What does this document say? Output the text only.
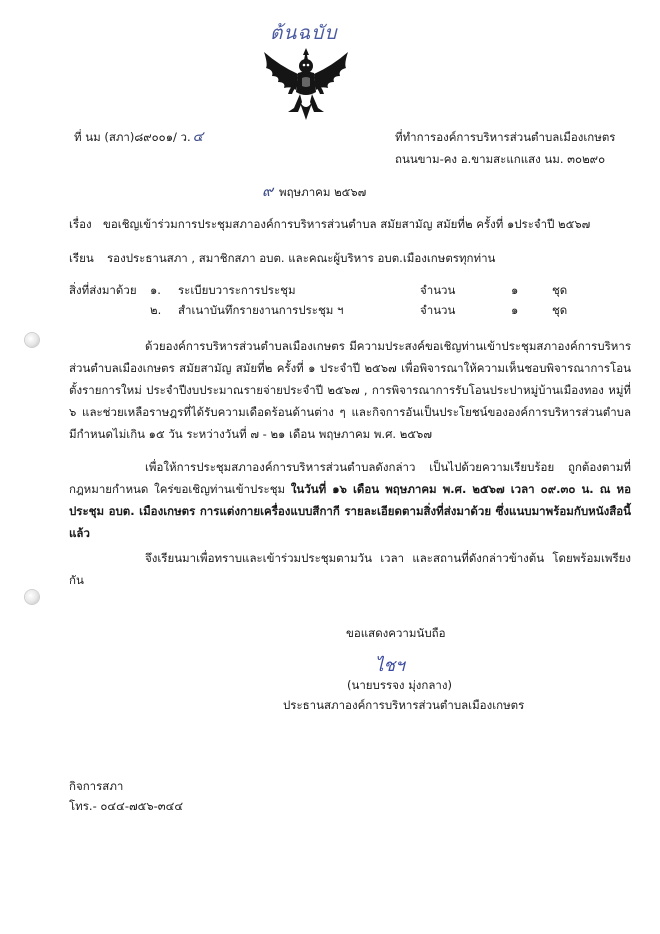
ต้นฉบับ
ที่ นม (สภา)๘๙๐๐๑/ ว. ๔	ที่ทำการองค์การบริหารส่วนตำบลเมืองเกษตร
ถนนขาม-คง อ.ขามสะแกแสง นม. ๓๐๒๙๐
๙ พฤษภาคม ๒๕๖๗
เรื่อง ขอเชิญเข้าร่วมการประชุมสภาองค์การบริหารส่วนตำบล สมัยสามัญ สมัยที่๒ ครั้งที่ ๑ประจำปี ๒๕๖๗
เรียน รองประธานสภา , สมาชิกสภา อบต. และคณะผู้บริหาร อบต.เมืองเกษตรทุกท่าน
สิ่งที่ส่งมาด้วย ๑. ระเบียบวาระการประชุม	จำนวน	๑	ชุด
๒. สำเนาบันทึกรายงานการประชุม ฯ	จำนวน	๑	ชุด
ด้วยองค์การบริหารส่วนตำบลเมืองเกษตร มีความประสงค์ขอเชิญท่านเข้าประชุมสภาองค์การบริหารส่วนตำบลเมืองเกษตร สมัยสามัญ สมัยที่๒ ครั้งที่ ๑ ประจำปี ๒๕๖๗ เพื่อพิจารณาให้ความเห็นชอบพิจารณาการโอนตั้งรายการใหม่ ประจำปีงบประมาณรายจ่ายประจำปี ๒๕๖๗ , การพิจารณาการรับโอนประปาหมู่บ้านเมืองทอง หมู่ที่ ๖ และช่วยเหลือราษฎรที่ได้รับความเดือดร้อนด้านต่าง ๆ และกิจการอันเป็นประโยชน์ขององค์การบริหารส่วนตำบล มีกำหนดไม่เกิน ๑๕ วัน ระหว่างวันที่ ๗ - ๒๑ เดือน พฤษภาคม พ.ศ. ๒๕๖๗
เพื่อให้การประชุมสภาองค์การบริหารส่วนตำบลดังกล่าว เป็นไปด้วยความเรียบร้อย ถูกต้องตามที่กฎหมายกำหนด ใคร่ขอเชิญท่านเข้าประชุม ในวันที่ ๑๖ เดือน พฤษภาคม พ.ศ. ๒๕๖๗ เวลา ๐๙.๓๐ น. ณ หอประชุม อบต. เมืองเกษตร การแต่งกายเครื่องแบบสีกากี รายละเอียดตามสิ่งที่ส่งมาด้วย ซึ่งแนบมาพร้อมกับหนังสือนี้แล้ว
จึงเรียนมาเพื่อทราบและเข้าร่วมประชุมตามวัน เวลา และสถานที่ดังกล่าวข้างต้น โดยพร้อมเพรียงกัน
ขอแสดงความนับถือ
ไชฯ
(นายบรรจง มุ่งกลาง)
ประธานสภาองค์การบริหารส่วนตำบลเมืองเกษตร
กิจการสภา
โทร.- ๐๔๔-๗๕๖-๓๔๔
